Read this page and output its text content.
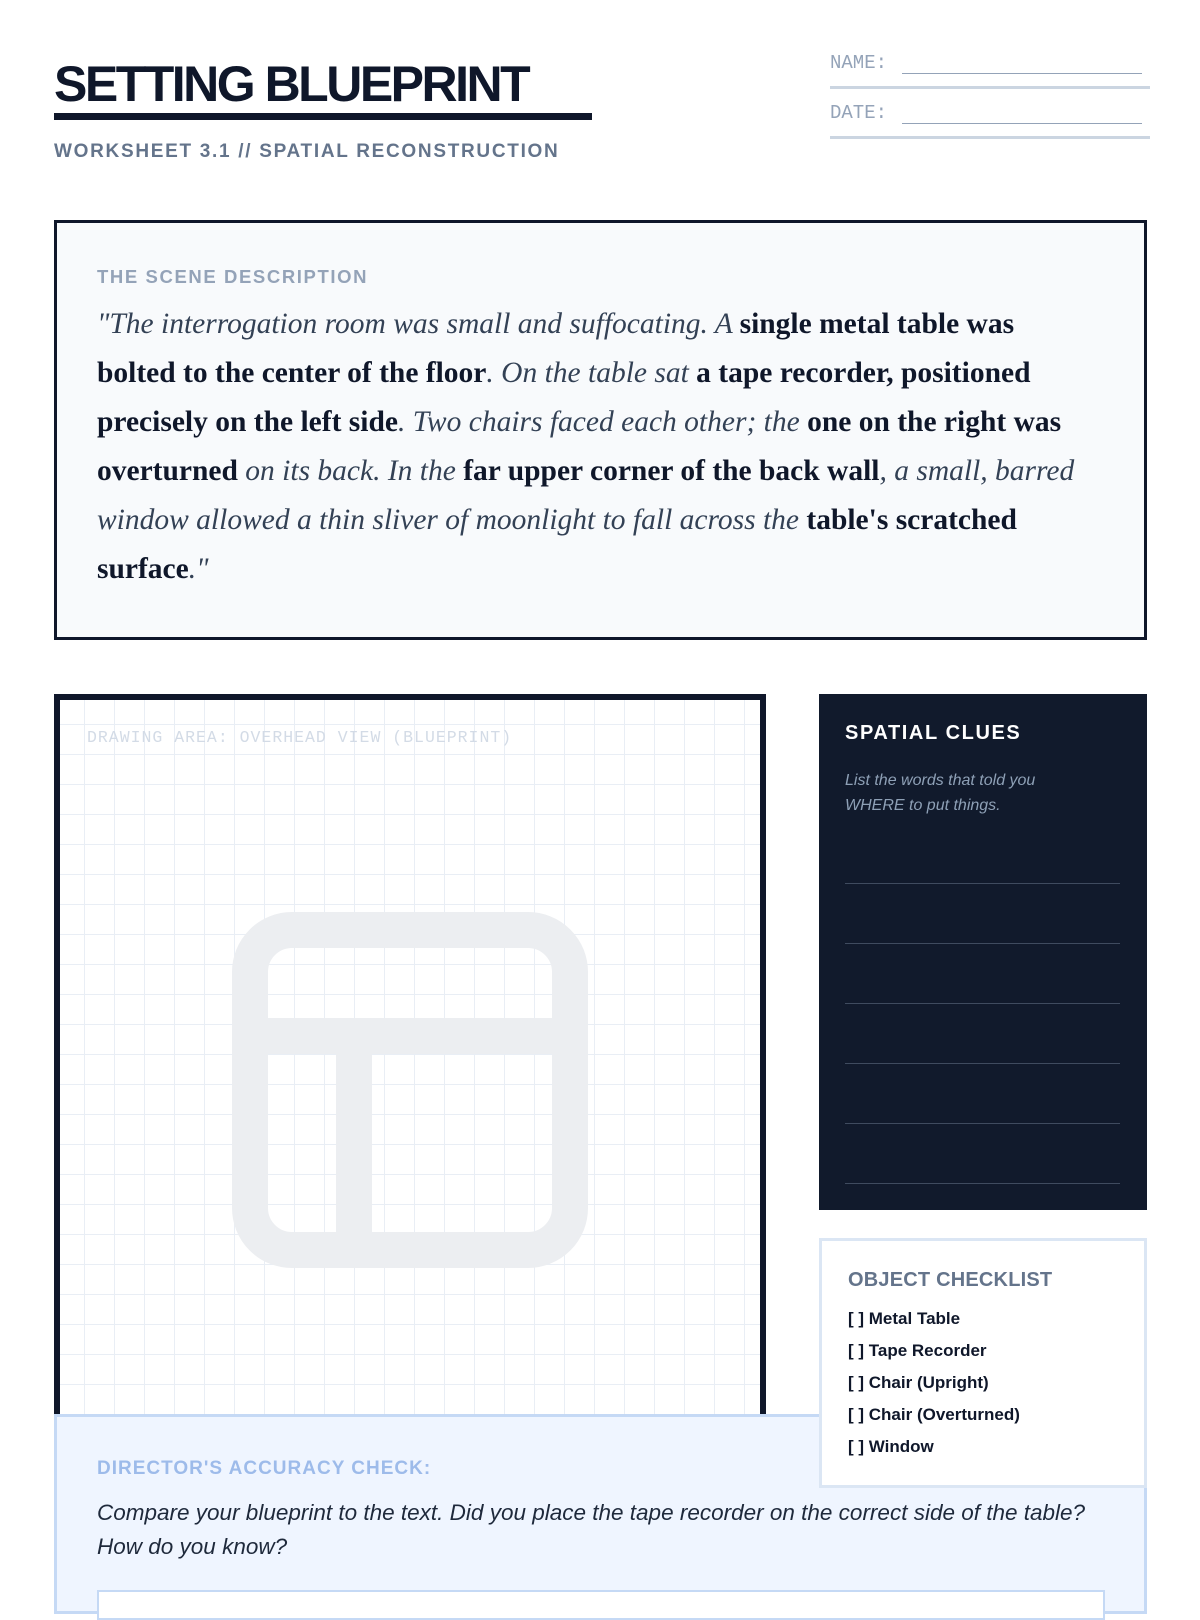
SETTING BLUEPRINT
WORKSHEET 3.1 // SPATIAL RECONSTRUCTION
NAME:
DATE:
THE SCENE DESCRIPTION

"The interrogation room was small and suffocating. A single metal table was bolted to the center of the floor. On the table sat a tape recorder, positioned precisely on the left side. Two chairs faced each other; the one on the right was overturned on its back. In the far upper corner of the back wall, a small, barred window allowed a thin sliver of moonlight to fall across the table's scratched surface."

DRAWING AREA: OVERHEAD VIEW (BLUEPRINT)	SPATIAL CLUES
List the words that told you WHERE to put things.
DIRECTOR'S ACCURACY CHECK:

Compare your blueprint to the text. Did you place the tape recorder on the correct side of the table? How do you know?

OBJECT CHECKLIST
[ ] Metal Table
[ ] Tape Recorder
[ ] Chair (Upright)
[ ] Chair (Overturned)
[ ] Window
